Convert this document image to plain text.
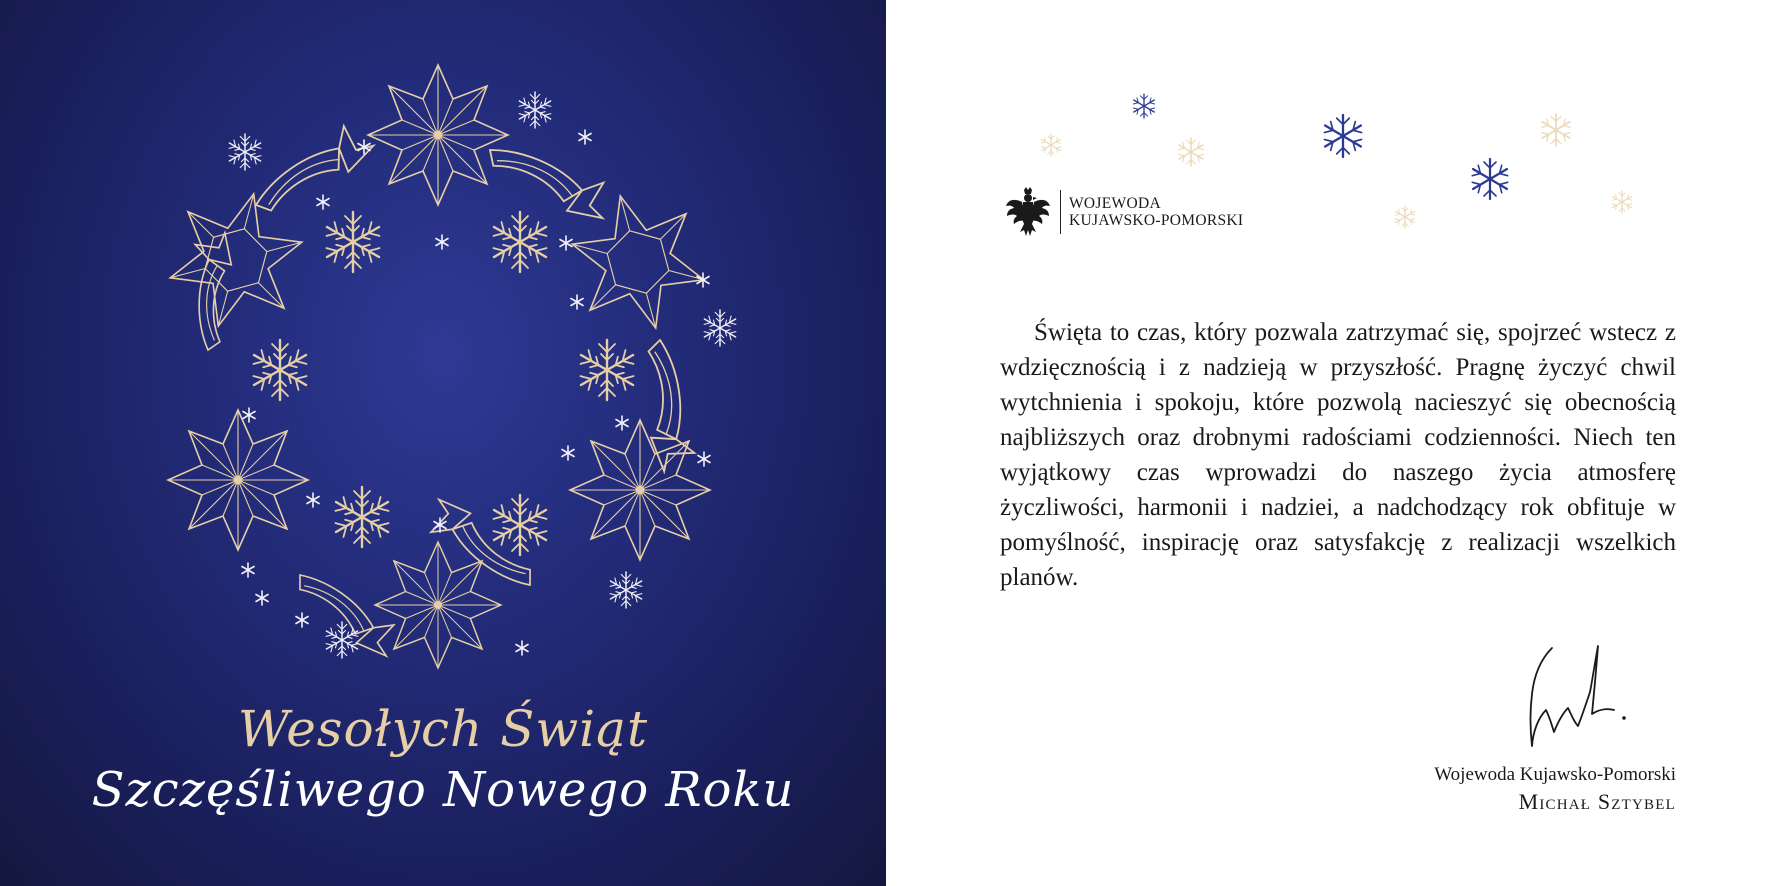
Wesołych Świąt
Szczęśliwego Nowego Roku
WOJEWODA
KUJAWSKO-POMORSKI

Święta to czas, który pozwala zatrzymać się, spojrzeć wstecz z wdzięcznością i z nadzieją w przyszłość. Pragnę życzyć chwil wytchnienia i spokoju, które pozwolą nacieszyć się obecnością najbliższych oraz drobnymi radościami codzienności. Niech ten wyjątkowy czas wprowadzi do naszego życia atmosferę życzliwości, harmonii i nadziei, a nadchodzący rok obfituje w pomyślność, inspirację oraz satysfakcję z realizacji wszelkich planów.

Wojewoda Kujawsko-Pomorski
Michał Sztybel
